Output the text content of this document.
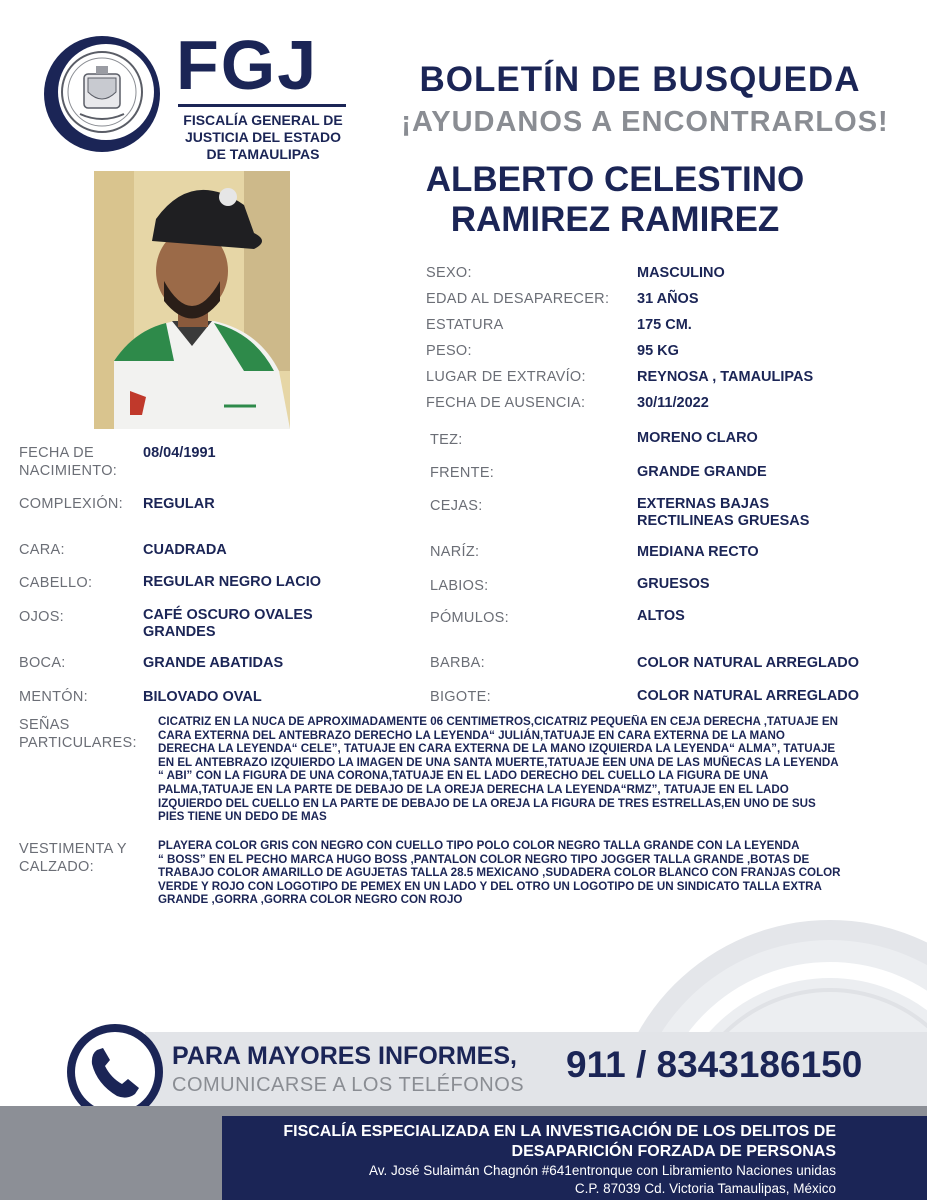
FGJ
FISCALÍA GENERAL DE
JUSTICIA DEL ESTADO
DE TAMAULIPAS
BOLETÍN DE BUSQUEDA
¡AYUDANOS A ENCONTRARLOS!
ALBERTO CELESTINO
RAMIREZ RAMIREZ
SEXO:	MASCULINO
EDAD AL DESAPARECER: 31 AÑOS
ESTATURA	175 CM.
PESO:	95 KG
LUGAR DE EXTRAVÍO:	REYNOSA , TAMAULIPAS
FECHA DE AUSENCIA:	30/11/2022
FECHA DE
NACIMIENTO:
08/04/1991
COMPLEXIÓN: REGULAR
CARA:	CUADRADA
CABELLO:	REGULAR NEGRO LACIO
OJOS:	CAFÉ OSCURO OVALES
GRANDES
BOCA:	GRANDE ABATIDAS
MENTÓN:	BILOVADO OVAL
TEZ:	MORENO CLARO
FRENTE:	GRANDE GRANDE
CEJAS:	EXTERNAS BAJAS
RECTILINEAS GRUESAS
NARÍZ:	MEDIANA RECTO
LABIOS:	GRUESOS
PÓMULOS:	ALTOS
BARBA:	COLOR NATURAL ARREGLADO
BIGOTE:	COLOR NATURAL ARREGLADO
SEÑAS
PARTICULARES:
CICATRIZ EN LA NUCA DE APROXIMADAMENTE 06 CENTIMETROS,CICATRIZ PEQUEÑA EN CEJA DERECHA ,TATUAJE EN
CARA EXTERNA DEL ANTEBRAZO DERECHO LA LEYENDA“ JULIÁN,TATUAJE EN CARA EXTERNA DE LA MANO
DERECHA LA LEYENDA“ CELE”, TATUAJE EN CARA EXTERNA DE LA MANO IZQUIERDA LA LEYENDA“ ALMA”, TATUAJE
EN EL ANTEBRAZO IZQUIERDO LA IMAGEN DE UNA SANTA MUERTE,TATUAJE EEN UNA DE LAS MUÑECAS LA LEYENDA
“ ABI” CON LA FIGURA DE UNA CORONA,TATUAJE EN EL LADO DERECHO DEL CUELLO LA FIGURA DE UNA
PALMA,TATUAJE EN LA PARTE DE DEBAJO DE LA OREJA DERECHA LA LEYENDA“RMZ”, TATUAJE EN EL LADO
IZQUIERDO DEL CUELLO EN LA PARTE DE DEBAJO DE LA OREJA LA FIGURA DE TRES ESTRELLAS,EN UNO DE SUS
PIES TIENE UN DEDO DE MAS
VESTIMENTA Y
CALZADO:
PLAYERA COLOR GRIS CON NEGRO CON CUELLO TIPO POLO COLOR NEGRO TALLA GRANDE CON LA LEYENDA
“ BOSS” EN EL PECHO MARCA HUGO BOSS ,PANTALON COLOR NEGRO TIPO JOGGER TALLA GRANDE ,BOTAS DE
TRABAJO COLOR AMARILLO DE AGUJETAS TALLA 28.5 MEXICANO ,SUDADERA COLOR BLANCO CON FRANJAS COLOR
VERDE Y ROJO CON LOGOTIPO DE PEMEX EN UN LADO Y DEL OTRO UN LOGOTIPO DE UN SINDICATO TALLA EXTRA
GRANDE ,GORRA ,GORRA COLOR NEGRO CON ROJO
PARA MAYORES INFORMES,
COMUNICARSE A LOS TELÉFONOS 911 / 8343186150
FISCALÍA ESPECIALIZADA EN LA INVESTIGACIÓN DE LOS DELITOS DE
DESAPARICIÓN FORZADA DE PERSONAS
Av. José Sulaimán Chagnón #641entronque con Libramiento Naciones unidas
C.P. 87039 Cd. Victoria Tamaulipas, México
